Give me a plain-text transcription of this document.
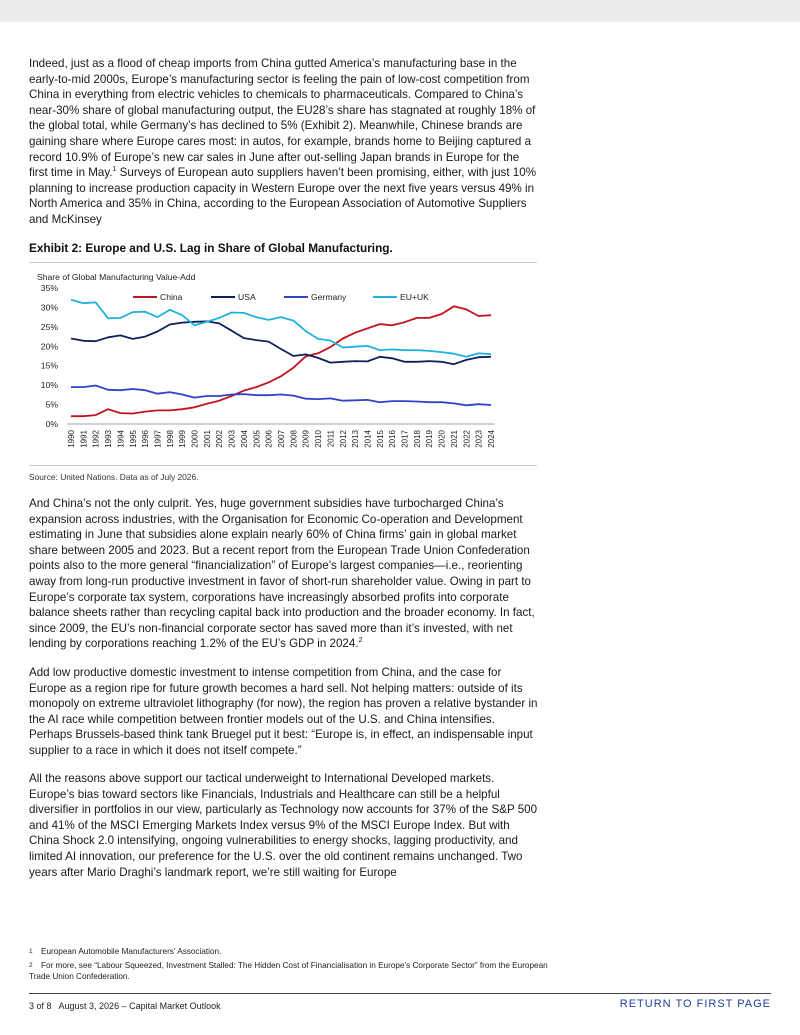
Indeed, just as a flood of cheap imports from China gutted America’s manufacturing base in the early-to-mid 2000s, Europe’s manufacturing sector is feeling the pain of low-cost competition from China in everything from electric vehicles to chemicals to pharmaceuticals. Compared to China’s near-30% share of global manufacturing output, the EU28’s share has stagnated at roughly 18% of the global total, while Germany’s has declined to 5% (Exhibit 2). Meanwhile, Chinese brands are gaining share where Europe cares most: in autos, for example, brands home to Beijing captured a record 10.9% of Europe’s new car sales in June after out-selling Japan brands in Europe for the first time in May.$^1$ Surveys of European auto suppliers haven’t been promising, either, with just 10% planning to increase production capacity in Western Europe over the next five years versus 49% in North America and 35% in China, according to the European Association of Automotive Suppliers and McKinsey

Exhibit 2: Europe and U.S. Lag in Share of Global Manufacturing.

Share of Global Manufacturing Value-Add
0%
5%
10%
15%
20%
25%
30%
35%
1990 1991 1992 1993 1994 1995 1996 1997 1998 1999 2000 2001 2002 2003 2004 2005 2006 2007 2008 2009 2010 2011 2012 2013 2014 2015 2016 2017 2018 2019 2020 2021 2022 2023 2024
China	USA	Germany	EU+UK

Source: United Nations. Data as of July 2026.

And China’s not the only culprit. Yes, huge government subsidies have turbocharged China’s expansion across industries, with the Organisation for Economic Co-operation and Development estimating in June that subsidies alone explain nearly 60% of China firms’ gain in global market share between 2005 and 2023. But a recent report from the European Trade Union Confederation points also to the more general “financialization” of Europe’s largest companies—i.e., reorienting away from long-run productive investment in favor of short-run shareholder value. Owing in part to Europe’s corporate tax system, corporations have increasingly absorbed profits into corporate balance sheets rather than recycling capital back into production and the broader economy. In fact, since 2009, the EU’s non-financial corporate sector has saved more than it’s invested, with net lending by corporations reaching 1.2% of the EU’s GDP in 2024.$^2$

Add low productive domestic investment to intense competition from China, and the case for Europe as a region ripe for future growth becomes a hard sell. Not helping matters: outside of its monopoly on extreme ultraviolet lithography (for now), the region has proven a relative bystander in the AI race while competition between frontier models out of the U.S. and China intensifies. Perhaps Brussels-based think tank Bruegel put it best: “Europe is, in effect, an indispensable input supplier to a race in which it does not itself compete.”

All the reasons above support our tactical underweight to International Developed markets. Europe’s bias toward sectors like Financials, Industrials and Healthcare can still be a helpful diversifier in portfolios in our view, particularly as Technology now accounts for 37% of the S&P 500 and 41% of the MSCI Emerging Markets Index versus 9% of the MSCI Europe Index. But with China Shock 2.0 intensifying, ongoing vulnerabilities to energy shocks, lagging productivity, and limited AI innovation, our preference for the U.S. over the old continent remains unchanged. Two years after Mario Draghi’s landmark report, we’re still waiting for Europe

1 European Automobile Manufacturers’ Association.

2 For more, see “Labour Squeezed, Investment Stalled: The Hidden Cost of Financialisation in Europe’s Corporate Sector” from the European Trade Union Confederation.

3 of 8   August 3, 2026 – Capital Market Outlook	RETURN TO FIRST PAGE
